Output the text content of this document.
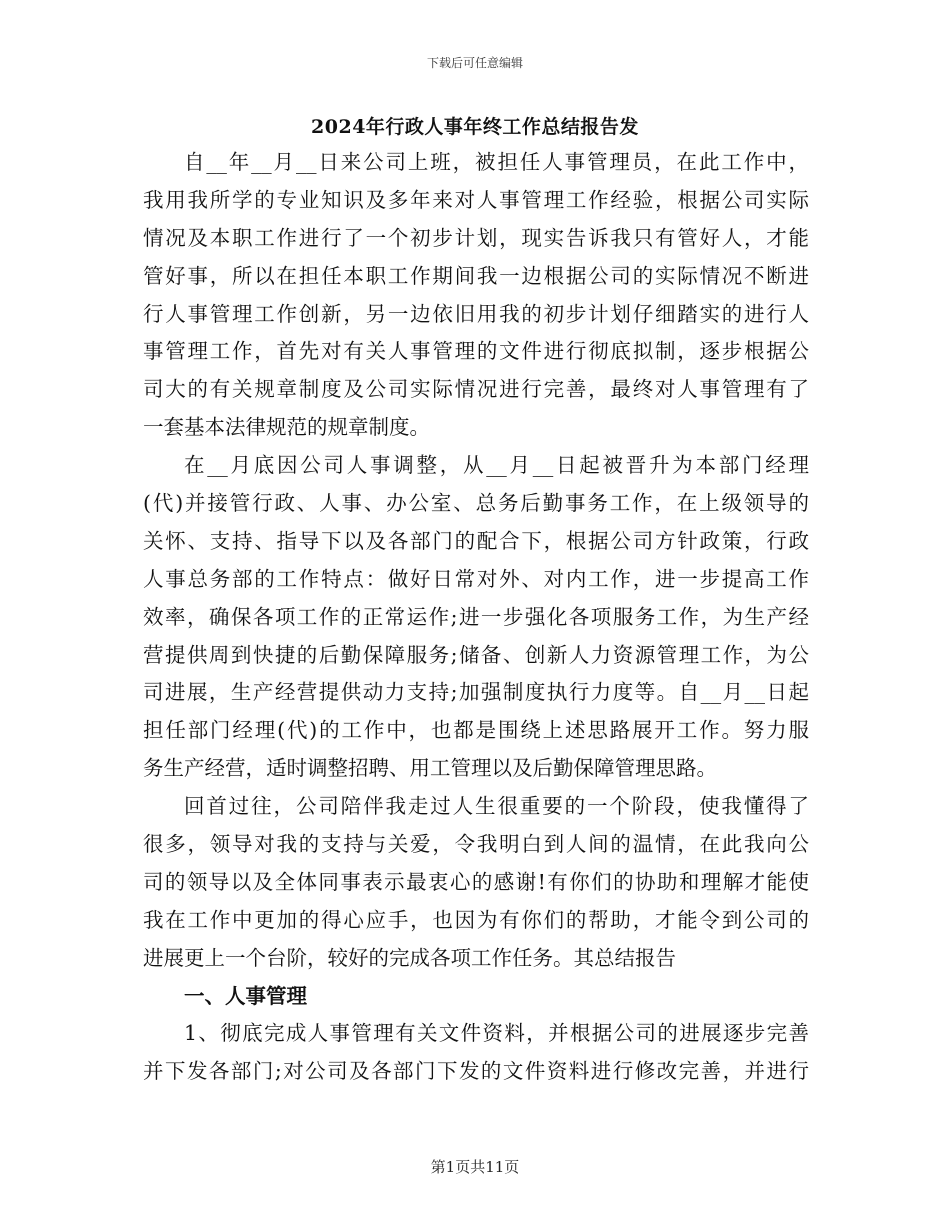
下载后可任意编辑
2024年行政人事年终工作总结报告发
自__年__月__日来公司上班，被担任人事管理员，在此工作中，
我用我所学的专业知识及多年来对人事管理工作经验，根据公司实际
情况及本职工作进行了一个初步计划，现实告诉我只有管好人，才能
管好事，所以在担任本职工作期间我一边根据公司的实际情况不断进
行人事管理工作创新，另一边依旧用我的初步计划仔细踏实的进行人
事管理工作，首先对有关人事管理的文件进行彻底拟制，逐步根据公
司大的有关规章制度及公司实际情况进行完善，最终对人事管理有了
一套基本法律规范的规章制度。
在__月底因公司人事调整，从__月__日起被晋升为本部门经理
(代)并接管行政、人事、办公室、总务后勤事务工作，在上级领导的
关怀、支持、指导下以及各部门的配合下，根据公司方针政策，行政
人事总务部的工作特点：做好日常对外、对内工作，进一步提高工作
效率，确保各项工作的正常运作;进一步强化各项服务工作，为生产经
营提供周到快捷的后勤保障服务;储备、创新人力资源管理工作，为公
司进展，生产经营提供动力支持;加强制度执行力度等。自__月__日起
担任部门经理(代)的工作中，也都是围绕上述思路展开工作。努力服
务生产经营，适时调整招聘、用工管理以及后勤保障管理思路。
回首过往，公司陪伴我走过人生很重要的一个阶段，使我懂得了
很多，领导对我的支持与关爱，令我明白到人间的温情，在此我向公
司的领导以及全体同事表示最衷心的感谢!有你们的协助和理解才能使
我在工作中更加的得心应手，也因为有你们的帮助，才能令到公司的
进展更上一个台阶，较好的完成各项工作任务。其总结报告
一、人事管理
1、彻底完成人事管理有关文件资料，并根据公司的进展逐步完善
并下发各部门;对公司及各部门下发的文件资料进行修改完善，并进行
第1页共11页
